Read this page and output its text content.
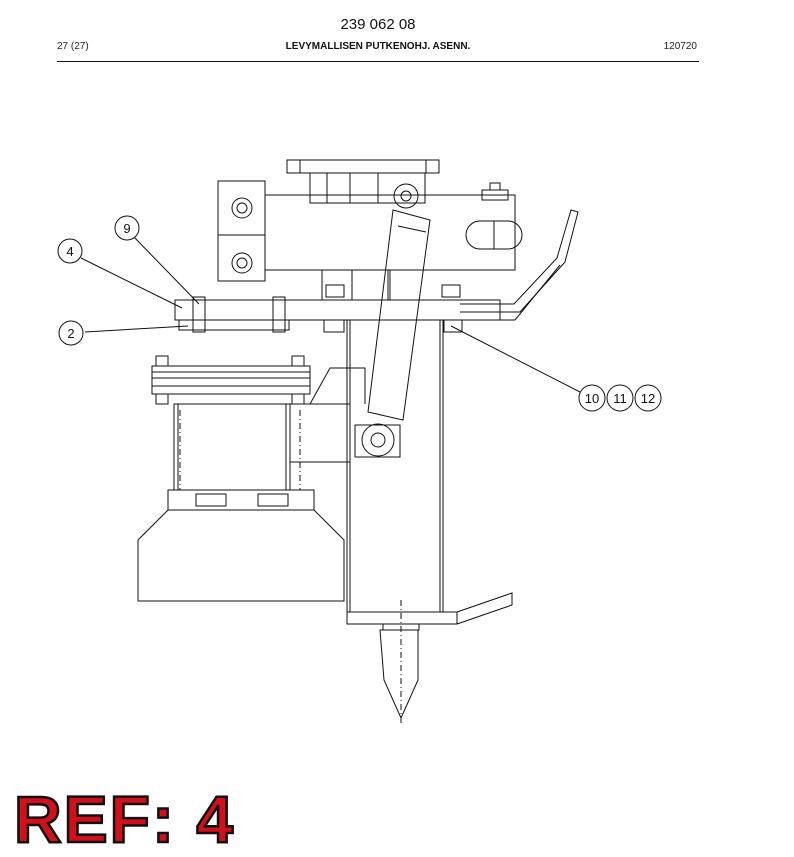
239 062 08
27 (27)	LEVYMALLISEN PUTKENOHJ. ASENN.	120720
9
4
2
10 11 12
REF: 4
